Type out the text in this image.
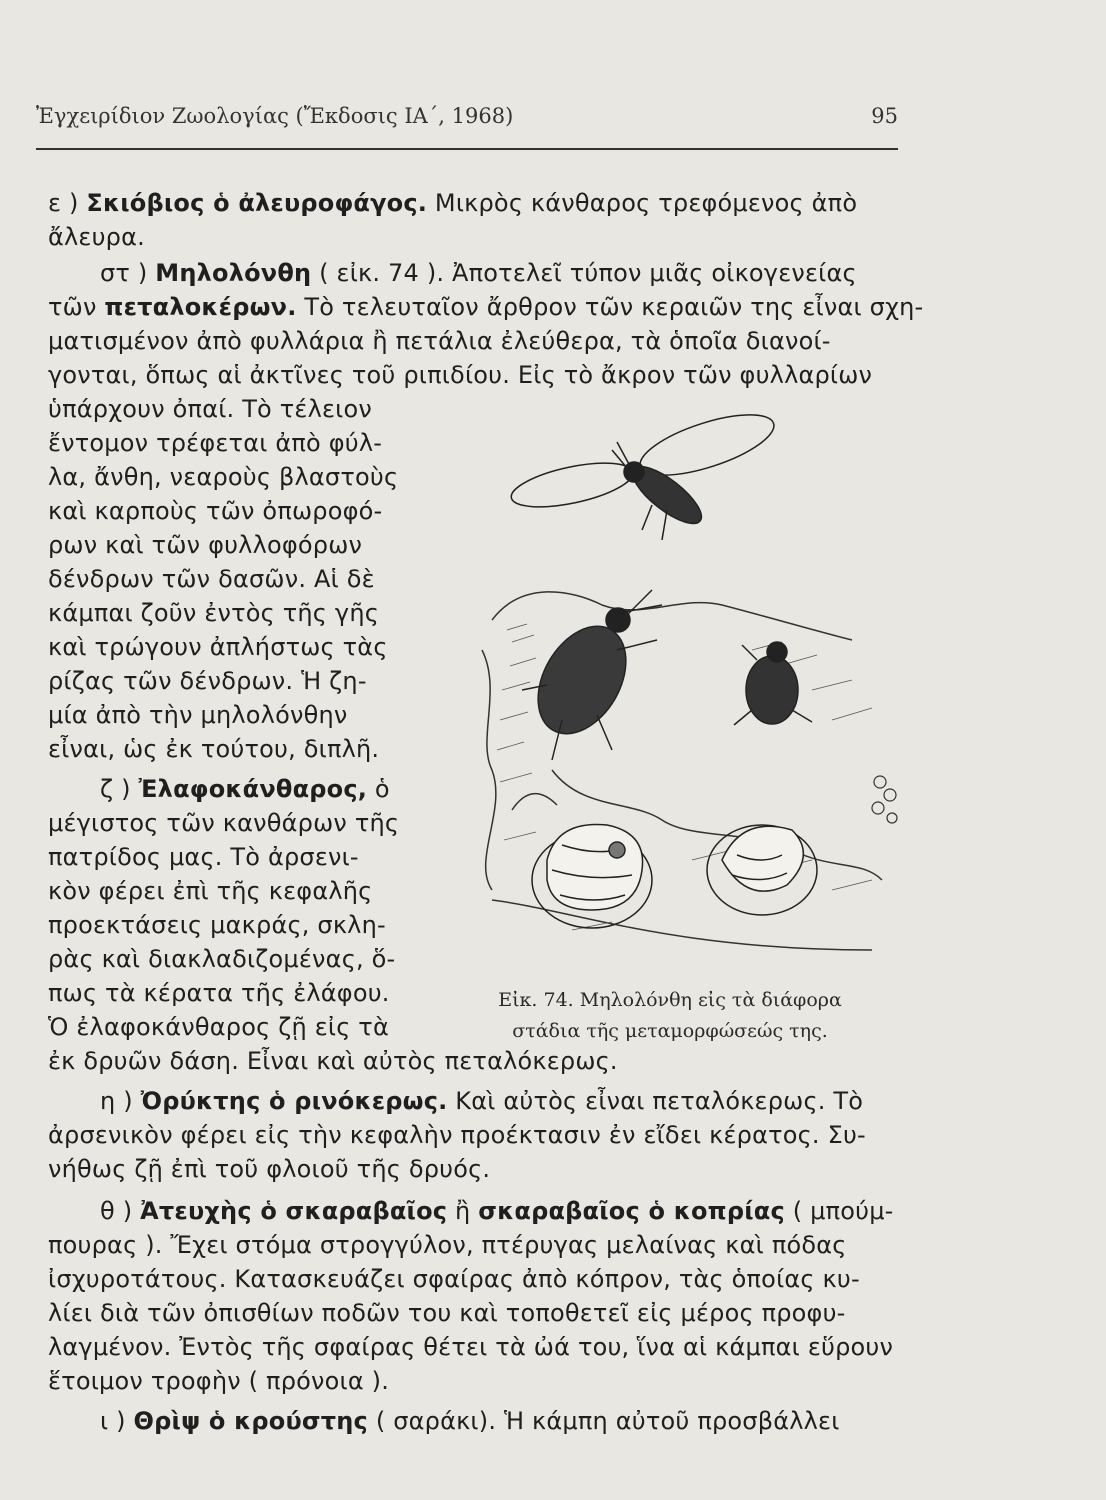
Ἐγχειρίδιον Ζωολογίας (Ἔκδοσις ΙΑ΄, 1968)	95
ε ) Σκιόβιος ὁ ἀλευροφάγος. Μικρὸς κάνθαρος τρεφόμενος ἀπὸ
ἄλευρα.
στ ) Μηλολόνθη ( εἰκ. 74 ). Ἀποτελεῖ τύπον μιᾶς οἰκογενείας
τῶν πεταλοκέρων. Τὸ τελευταῖον ἄρθρον τῶν κεραιῶν της εἶναι σχη-
ματισμένον ἀπὸ φυλλάρια ἢ πετάλια ἐλεύθερα, τὰ ὁποῖα διανοί-
γονται, ὅπως αἱ ἀκτῖνες τοῦ ριπιδίου. Εἰς τὸ ἄκρον τῶν φυλλαρίων
ὑπάρχουν ὀπαί. Τὸ τέλειον
ἔντομον τρέφεται ἀπὸ φύλ-
λα, ἄνθη, νεαροὺς βλαστοὺς
καὶ καρποὺς τῶν ὀπωροφό-
ρων καὶ τῶν φυλλοφόρων
δένδρων τῶν δασῶν. Αἱ δὲ
κάμπαι ζοῦν ἐντὸς τῆς γῆς
καὶ τρώγουν ἀπλήστως τὰς
ρίζας τῶν δένδρων. Ἡ ζη-
μία ἀπὸ τὴν μηλολόνθην
εἶναι, ὡς ἐκ τούτου, διπλῆ.
ζ ) Ἐλαφοκάνθαρος, ὁ
μέγιστος τῶν κανθάρων τῆς
πατρίδος μας. Τὸ ἀρσενι-
κὸν φέρει ἐπὶ τῆς κεφαλῆς
προεκτάσεις μακράς, σκλη-
ρὰς καὶ διακλαδιζομένας, ὅ-
πως τὰ κέρατα τῆς ἐλάφου.
Ὁ ἐλαφοκάνθαρος ζῇ εἰς τὰ
ἐκ δρυῶν δάση. Εἶναι καὶ αὐτὸς πεταλόκερως.
η ) Ὀρύκτης ὁ ρινόκερως. Καὶ αὐτὸς εἶναι πεταλόκερως. Τὸ
ἀρσενικὸν φέρει εἰς τὴν κεφαλὴν προέκτασιν ἐν εἴδει κέρατος. Συ-
νήθως ζῇ ἐπὶ τοῦ φλοιοῦ τῆς δρυός.
θ ) Ἀτευχὴς ὁ σκαραβαῖος ἢ σκαραβαῖος ὁ κοπρίας ( μπούμ-
πουρας ). Ἔχει στόμα στρογγύλον, πτέρυγας μελαίνας καὶ πόδας
ἰσχυροτάτους. Κατασκευάζει σφαίρας ἀπὸ κόπρον, τὰς ὁποίας κυ-
λίει διὰ τῶν ὀπισθίων ποδῶν του καὶ τοποθετεῖ εἰς μέρος προφυ-
λαγμένον. Ἐντὸς τῆς σφαίρας θέτει τὰ ὠά του, ἵνα αἱ κάμπαι εὕρουν
ἕτοιμον τροφὴν ( πρόνοια ).
ι ) Θρὶψ ὁ κρούστης ( σαράκι). Ἡ κάμπη αὐτοῦ προσβάλλει
Εἰκ. 74. Μηλολόνθη εἰς τὰ διάφορα
στάδια τῆς μεταμορφώσεώς της.
